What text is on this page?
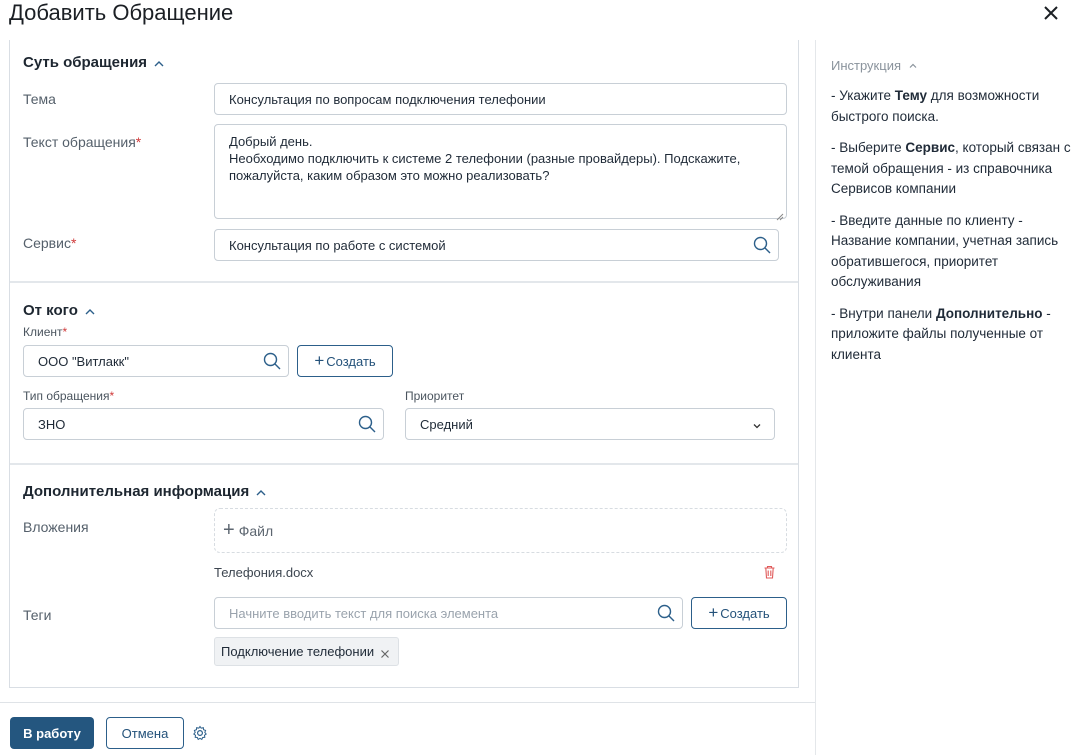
Добавить Обращение
Суть обращения
Тема	Консультация по вопросам подключения телефонии
Текст обращения*	Добрый день.
Необходимо подключить к системе 2 телефонии (разные провайдеры). Подскажите,
пожалуйста, каким образом это можно реализовать?
Сервис*	Консультация по работе с системой
От кого
Клиент*
ООО "Витлакк"	+ Создать
Тип обращения*
ЗНО
Приоритет
Средний
Дополнительная информация
Вложения	+ Файл
Телефония.docx
Теги	Начните вводить текст для поиска элемента	+ Создать
Подключение телефонии
В работу	Отмена
Инструкция

- Укажите Тему для возможности
быстрого поиска.

- Выберите Сервис, который связан с
темой обращения - из справочника
Сервисов компании

- Введите данные по клиенту -
Название компании, учетная запись
обратившегося, приоритет
обслуживания

- Внутри панели Дополнительно -
приложите файлы полученные от
клиента
